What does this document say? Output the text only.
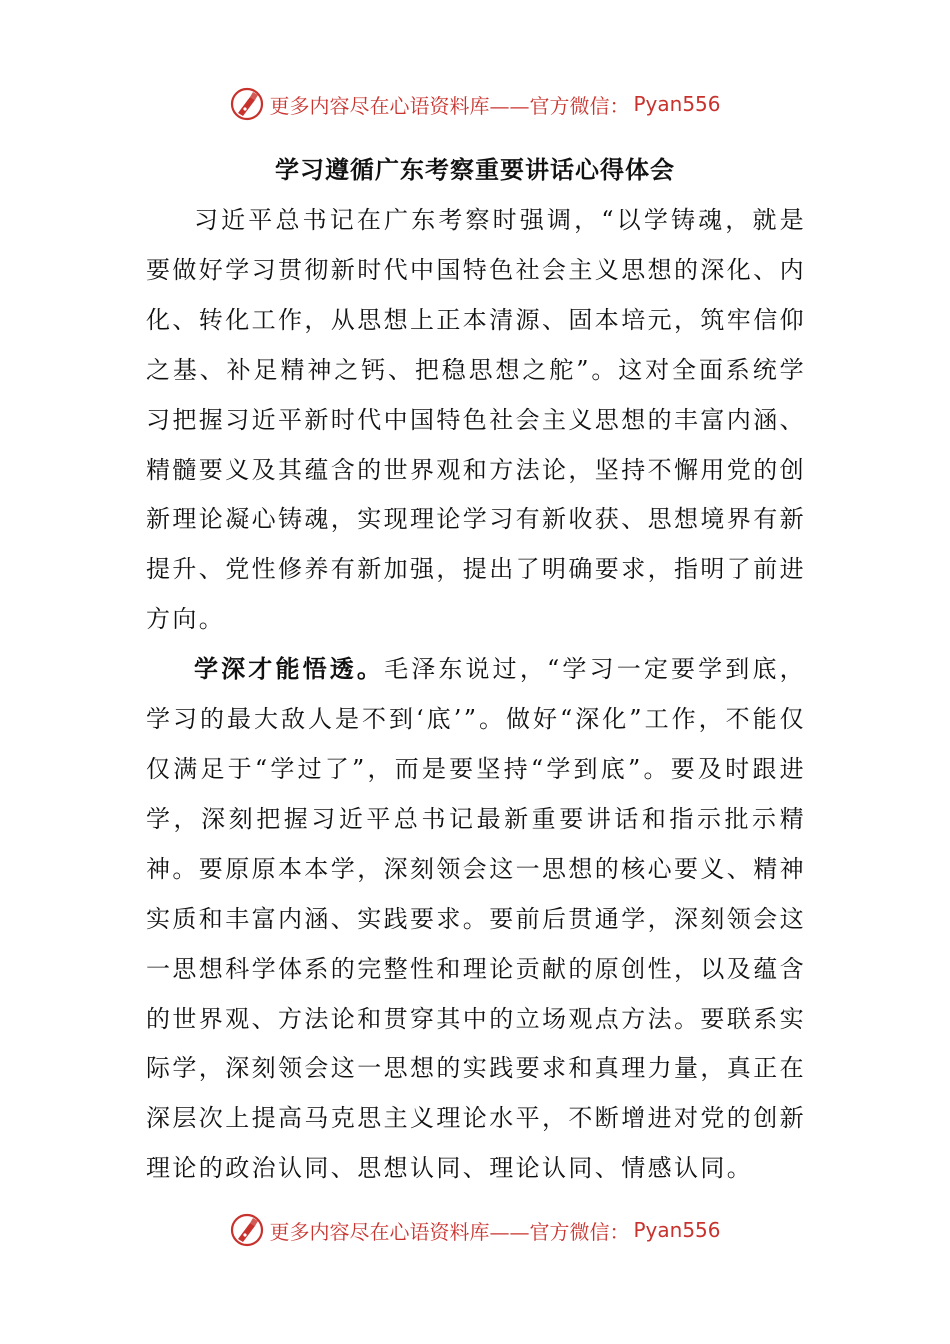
更多内容尽在心语资料库——官方微信： Pyan556
学习遵循广东考察重要讲话心得体会

习近平总书记在广东考察时强调，“以学铸魂，就是要做好学习贯彻新时代中国特色社会主义思想的深化、内化、转化工作，从思想上正本清源、固本培元，筑牢信仰之基、补足精神之钙、把稳思想之舵”。这对全面系统学习把握习近平新时代中国特色社会主义思想的丰富内涵、精髓要义及其蕴含的世界观和方法论，坚持不懈用党的创新理论凝心铸魂，实现理论学习有新收获、思想境界有新提升、党性修养有新加强，提出了明确要求，指明了前进方向。

学深才能悟透。毛泽东说过，“学习一定要学到底，学习的最大敌人是不到‘底’”。做好“深化”工作，不能仅仅满足于“学过了”，而是要坚持“学到底”。要及时跟进学，深刻把握习近平总书记最新重要讲话和指示批示精神。要原原本本学，深刻领会这一思想的核心要义、精神实质和丰富内涵、实践要求。要前后贯通学，深刻领会这一思想科学体系的完整性和理论贡献的原创性，以及蕴含的世界观、方法论和贯穿其中的立场观点方法。要联系实际学，深刻领会这一思想的实践要求和真理力量，真正在深层次上提高马克思主义理论水平，不断增进对党的创新理论的政治认同、思想认同、理论认同、情感认同。

更多内容尽在心语资料库——官方微信： Pyan556
